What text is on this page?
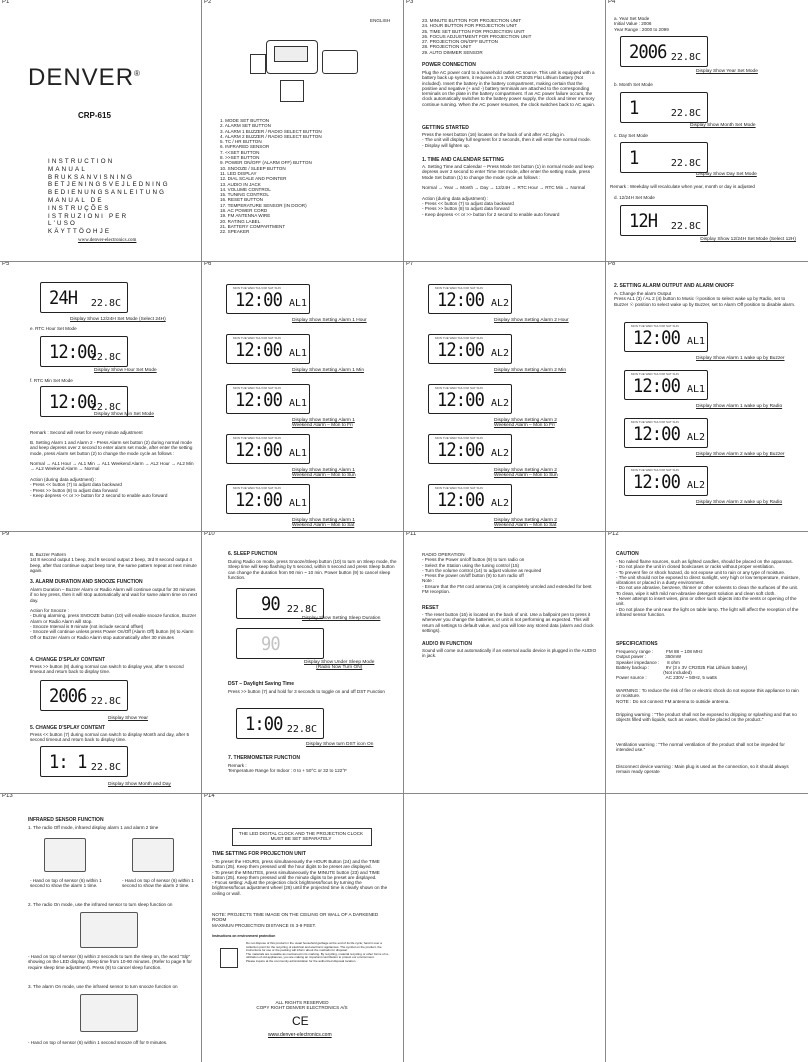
P1
DENVER®
CRP-615
INSTRUCTION MANUAL
BRUKSANVISNING
BETJENINGSVEJLEDNING
BEDIENUNGSANLEITUNG
MANUAL DE INSTRUÇÕES
ISTRUZIONI PER L'USO
KÄYTTÖOHJE
www.denver-electronics.com
P2
ENGLISH
1. MODE SET BUTTON
2. ALARM SET BUTTON
3. ALARM 1 BUZZER / RADIO SELECT BUTTON
4. ALARM 2 BUZZER / RADIO SELECT BUTTON
5. TC / HR BUTTON
6. INFRARED SENSOR
7. <<SET BUTTON
8. >>SET BUTTON
9. POWER ON/OFF (ALARM OFF) BUTTON
10. SNOOZE / SLEEP BUTTON
11. LED DISPLAY
12. DIAL SCALE AND POINTER
13. AUDIO IN JACK
14. VOLUME CONTROL
15. TUNING CONTROL
16. RESET BUTTON
17. TEMPERATURE SENSOR (IN DOOR)
18. AC POWER CORD
19. FM ANTENNA WIRE
20. RATING LABEL
21. BATTERY COMPARTMENT
22. SPEAKER
P3
23. MINUTE BUTTON FOR PROJECTION UNIT
24. HOUR BUTTON FOR PROJECTION UNIT
25. TIME SET BUTTON FOR PROJECTION UNIT
26. FOCUS ADJUSTMENT FOR PROJECTION UNIT
27. PROJECTION ON/OFF BUTTON
28. PROJECTION UNIT
29. AUTO DIMMER SENSOR
POWER CONNECTION
Plug the AC power cord to a household outlet AC source. This unit is equipped with a battery back up system, it requires a 3 x 3Volt CR2025 Flat Lithium battery (Not included). Insert the battery in the battery compartment, making certain that the positive and negative (+ and -) battery terminals are attached to the corresponding terminals on the plate in the battery compartment. If an AC power failure occurs, the clock automatically switches to the battery power supply, the clock and timer memory continue running. When the AC power resumes, the clock switches back to AC again.
GETTING STARTED
Press the reset button (16) locates on the back of unit after AC plug in.
- The unit will display full segment for 2 seconds, then it will enter the normal mode.
- Display will lighten up.
1. TIME AND CALENDAR SETTING
A. Setting Time and Calendar – Press Mode Set button (1) in normal mode and keep depress over 2 second to enter Time Set mode, after enter the setting mode, press Mode Set button (1) to change the mode cycle as follows :

Normal → Year → Month → Day → 12/24H → RTC Hour → RTC Min → Normal

Action (during data adjustment) :
- Press << button (7) to adjust data backward
- Press >> button (8) to adjust data forward
- Keep depress << or >> button for 2 second to enable auto forward
P4
a. Year Set Mode
Initial Value : 2006
Year Range : 2000 to 2099
2006 22.8C
Display Show Year Set Mode
b. Month Set Mode
1	22.8C
Display Show Month Set Mode
c. Day Set Mode
1	22.8C
Display Show Day Set Mode
Remark : Weekday will recalculate when year, month or day is adjusted
d. 12/24H Set Mode
12H 22.8C
Display Show 12/24H Set Mode (Select 12H)
P5
24H 22.8C
Display Show 12/24H Set Mode (Select 24H)
e. RTC Hour Set Mode
12:00
22.8C
Display Show Hour Set Mode
f. RTC Min Set Mode
12:00
22.8C
Display Show Min Set Mode
Remark : Second will reset for every minute adjustment
B. Setting Alarm 1 and Alarm 2 - Press Alarm set button (2) during normal mode and keep depress over 2 second to enter alarm set mode, after enter the setting mode, press Alarm set button (2) to change the mode cycle as follows :

Normal → AL1 Hour → AL1 Min → AL1 Weekend Alarm → AL2 Hour → AL2 Min → AL2 Weekend Alarm → Normal

Action (during data adjustment) :
- Press << button (7) to adjust data backward
- Press >> button (8) to adjust data forward
- Keep depress << or >> button for 2 second to enable auto forward
P6
MON TUE WED THU FRI SAT SUN
12:00 AL1
Display Show Setting Alarm 1 Hour
MON TUE WED THU FRI SAT SUN
12:00 AL1
Display Show Setting Alarm 1 Min
MON TUE WED THU FRI SAT SUN
12:00 AL1
Display Show Setting Alarm 1
Weekend Alarm – Mon to Fri
MON TUE WED THU FRI SAT SUN
12:00 AL1
Display Show Setting Alarm 1
Weekend Alarm – Mon to Sun
MON TUE WED THU FRI SAT SUN
12:00 AL1
Display Show Setting Alarm 1
Weekend Alarm – Mon to Sat
P7
MON TUE WED THU FRI SAT SUN
12:00 AL2
Display Show Setting Alarm 2 Hour
MON TUE WED THU FRI SAT SUN
12:00 AL2
Display Show Setting Alarm 2 Min
MON TUE WED THU FRI SAT SUN
12:00 AL2
Display Show Setting Alarm 2
Weekend Alarm – Mon to Fri
MON TUE WED THU FRI SAT SUN
12:00 AL2
Display Show Setting Alarm 2
Weekend Alarm – Mon to Sun
MON TUE WED THU FRI SAT SUN
12:00 AL2
Display Show Setting Alarm 2
Weekend Alarm – Mon to Sat
P8
2. SETTING ALARM OUTPUT AND ALARM ON/OFF
A. Change the alarm Output
Press AL1 (3) / AL 2 (4) button to Music ☉position to select wake up by Radio, set to Buzzer ☉ position to select wake up by Buzzer, set to Alarm Off position to disable alarm.
MON TUE WED THU FRI SAT SUN
12:00 AL1
Display Show Alarm 1 wake up by Buzzer
MON TUE WED THU FRI SAT SUN
12:00 AL1
Display Show Alarm 1 wake up by Radio
MON TUE WED THU FRI SAT SUN
12:00 AL2
Display Show Alarm 2 wake up by Buzzer
MON TUE WED THU FRI SAT SUN
12:00 AL2
Display Show Alarm 2 wake up by Radio
P9
B. Buzzer Pattern
1st 8 second output 1 beep, 2nd 8 second output 2 beep, 3rd 8 second output 4 beep, after that continue output beep tone, the same pattern repeat at next minute again.
3. ALARM DURATION AND SNOOZE FUNCTION
Alarm Duration – Buzzer Alarm or Radio Alarm will continue output for 30 minutes if no key press, then it will stop automatically and wait for same alarm time on next day.

Action for Snooze :
- During alarming, press SNOOZE button (10) will enable snooze function, Buzzer Alarm or Radio Alarm will stop.
- Snooze Interval is 9 minute (not include second offset)
- Snooze will continue unless press Power On/Off (Alarm Off) button (9) to Alarm Off or Buzzer Alarm or Radio Alarm stop automatically after 30 minutes
4. CHANGE D'SPLAY CONTENT
Press >> button (8) during normal can switch to display year, after 5 second timeout and return back to display time.
2006 22.8C
Display Show Year
5. CHANGE D'SPLAY CONTENT
Press << button (7) during normal can switch to display Month and day, after 5 second timeout and return back to display time.
1: 1 22.8C
Display Show Month and Day
P10
6. SLEEP FUNCTION
During Radio on mode, press Snooze/Sleep button (10) to turn on Sleep mode, the Sleep time will keep flashing by 5 second, within 5 second and press Sleep button can change the duration from 90 min ~ 10 min. Power button (9) to cancel sleep function.
90 22.8C
Display Show Setting Sleep Duration
90
Display Show Under Sleep Mode
(Radio Now Turn ON)
DST – Daylight Saving Time
Press >> button (7) and hold for 3 seconds to toggle on and off DST Function
1:00 22.8C
Display Show turn DST icon On
7. THERMOMETER FUNCTION
Remark :
Temperature Range for Indoor : 0 to + 50°C or 32 to 122°F
P11
RADIO OPERATION
- Press the Power on/off button (9) to turn radio on
- Select the Station using the tuning control (15)
- Turn the volume control (14) to adjust volume as required
- Press the power on/off button (9) to turn radio off
Note :
- Ensure that the FM cord antenna (19) is completely unroled and extended for best FM reception.
RESET
- The reset button (16) is located on the back of unit. Use a ballpoint pen to press it whenever you change the batteries, or unit is not performing as expected. This will return all settings to default value, and you will lose any stored data (alarm and clock settings).
AUD!O IN FUNCTION
Sound will come out automatically if an external audio device is plugged in the AUDIO in jack.
P12
CAUTION
- No naked flame sources, such as lighted candles, should be placed on the apparatus.
- Do not place the unit in closed bookcases or racks without proper ventilation.
- To prevent fire or shock hazard, do not expose unit to rain or any type of moisture.
- The unit should not be exposed to direct sunlight, very high or low temperature, moisture, vibrations or placed in a dusty environment.
- Do not use abrasive, benzene, thinner or other solvents to clean the surfaces of the unit. To clean, wipe it with mild non-abrasive detergent solution and clean soft cloth.
- Never attempt to insert wires, pins or other such objects into the vents or opening of the unit.
- Do not place the unit near the light on table lamp. The light will affect the reception of the infrared sensor function.
SPECIFICATIONS
Frequency range :          FM 88 ~ 108 MHz
Output power :               350mW
Speaker impedance :      8 ohm
Battery backup :             9V (3 x 3V CR2025 Flat Lithium battery)
(Not included)
Power source :               AC 230V ~ 50Hz, 5 watts
WARNING : To reduce the risk of fire or electric shock do not expose this appliance to rain or moisture.
NOTE : Do not connect FM antenna to outside antenna.
Dripping warning : "The product shall not be exposed to dripping or splashing and that no objects filled with liquids, such as vases, shall be placed on the product."
Ventilation warning : "The normal ventilation of the product shall not be impeded for intended use."
Disconnect device warning : Main plug is used as the connection, so it should always remain ready operate
P13
INFRARED SENSOR FUNCTION
1. The radio Off mode, infrared display alarm 1 and alarm 2 time
- Hand on top of sensor (6) within 1 second to show the alarm 1 time.
- Hand on top of sensor (6) within 1 second to show the alarm 2 time.
2. The radio On mode, use the infrared sensor to turn sleep function on
- Hand on top of sensor (6) within 2 seconds to turn the sleep on, the word "Slp" showing on the LED display. Sleep time from 10-90 minutes. (Refer to page 9 for require sleep time adjustment). Press (9) to cancel sleep function.
3. The alarm On mode, use the infrared sensor to turn snooze function on
- Hand on top of sensor (6) within 1 second snooze off for 9 minutes.
P14
THE LED DIGITAL CLOCK AND THE PROJECTION CLOCK MUST BE SET SEPARATELY
TIME SETTING FOR PROJECTION UNIT
- To preset the HOURS, press simultaneously the HOUR Button (24) and the TIME button (25). Keep them pressed until the hour digits to be preset are displayed.
- To preset the MINUTES, press simultaneously the MINUTE button (23) and TIME button (25). Keep them pressed until the minute digits to be preset are displayed.
- Focus setting: Adjust the projection clock brightness/focus by turning the brightness/focus adjustment wheel (26) until the projected time is clearly shown on the ceiling or wall.
NOTE: PROJECTS TIME IMAGE ON THE CEILING OR WALL OF A DARKENED ROOM
MAXIMUN PROJECTION DISTANCE IS 3-9 FEET.
Instructions on environment protection
Do not dispose of this product in the usual household garbage at the end of its life cycle; hand it over a collection point for the recycling of electrical and electronic appliances. The symbol on the product, the instructions for use or the packing will inform about the methods for disposal.
The materials are reusable as mentioned in its marking. By recycling, material recycling or other forms of re-utilization of old appliances, you are making an important contribution to protect our environment.
Please inquire at the community administration for the authorized disposal location.
ALL RIGHTS RESERVED
COPY RIGHT DENVER ELECTRONICS A/S
CE
www.denver-electronics.com
